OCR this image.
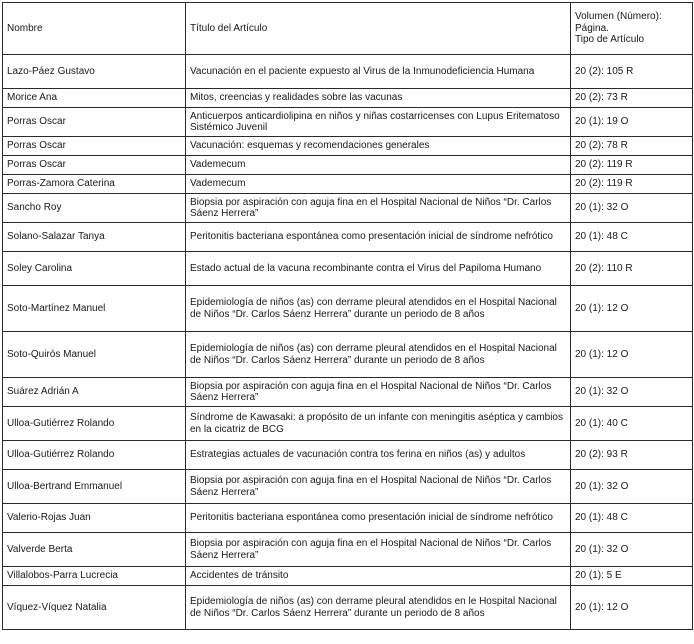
Nombre	Título del Artículo	Volumen (Número):
Página.
Tipo de Artículo

Lazo-Páez Gustavo	Vacunación en el paciente expuesto al Virus de la Inmunodeficiencia Humana	20 (2): 105 R
Morice Ana	Mitos, creencias y realidades sobre las vacunas	20 (2): 73 R
Porras Oscar	Anticuerpos anticardiolipina en niños y niñas costarricenses con Lupus Eritematoso Sistémico Juvenil	20 (1): 19 O
Porras Oscar	Vacunación: esquemas y recomendaciones generales	20 (2): 78 R
Porras Oscar	Vademecum	20 (2): 119 R
Porras-Zamora Caterina	Vademecum	20 (2): 119 R
Sancho Roy	Biopsia por aspiración con aguja fina en el Hospital Nacional de Niños “Dr. Carlos Sáenz Herrera”	20 (1): 32 O
Solano-Salazar Tanya	Peritonitis bacteriana espontánea como presentación inicial de síndrome nefrótico	20 (1): 48 C
Soley Carolina	Estado actual de la vacuna recombinante contra el Virus del Papiloma Humano	20 (2): 110 R
Soto-Martínez Manuel	Epidemiología de niños (as) con derrame pleural atendidos en el Hospital Nacional de Niños “Dr. Carlos Sáenz Herrera” durante un periodo de 8 años	20 (1): 12 O
Soto-Quirós Manuel	Epidemiología de niños (as) con derrame pleural atendidos en el Hospital Nacional de Niños “Dr. Carlos Sáenz Herrera” durante un periodo de 8 años	20 (1): 12 O
Suárez Adrián A	Biopsia por aspiración con aguja fina en el Hospital Nacional de Niños “Dr. Carlos Sáenz Herrera”	20 (1): 32 O
Ulloa-Gutiérrez Rolando	Síndrome de Kawasaki: a propósito de un infante con meningitis aséptica y cambios en la cicatriz de BCG	20 (1): 40 C
Ulloa-Gutiérrez Rolando	Estrategias actuales de vacunación contra tos ferina en niños (as) y adultos	20 (2): 93 R
Ulloa-Bertrand Emmanuel	Biopsia por aspiración con aguja fina en el Hospital Nacional de Niños “Dr. Carlos Sáenz Herrera”	20 (1): 32 O
Valerio-Rojas Juan	Peritonitis bacteriana espontánea como presentación inicial de síndrome nefrótico	20 (1): 48 C
Valverde Berta	Biopsia por aspiración con aguja fina en el Hospital Nacional de Niños “Dr. Carlos Sáenz Herrera”	20 (1): 32 O
Villalobos-Parra Lucrecia	Accidentes de tránsito	20 (1): 5 E
Víquez-Víquez Natalia	Epidemiología de niños (as) con derrame pleural atendidos en le Hospital Nacional de Niños “Dr. Carlos Sáenz Herrera” durante un periodo de 8 años	20 (1): 12 O
